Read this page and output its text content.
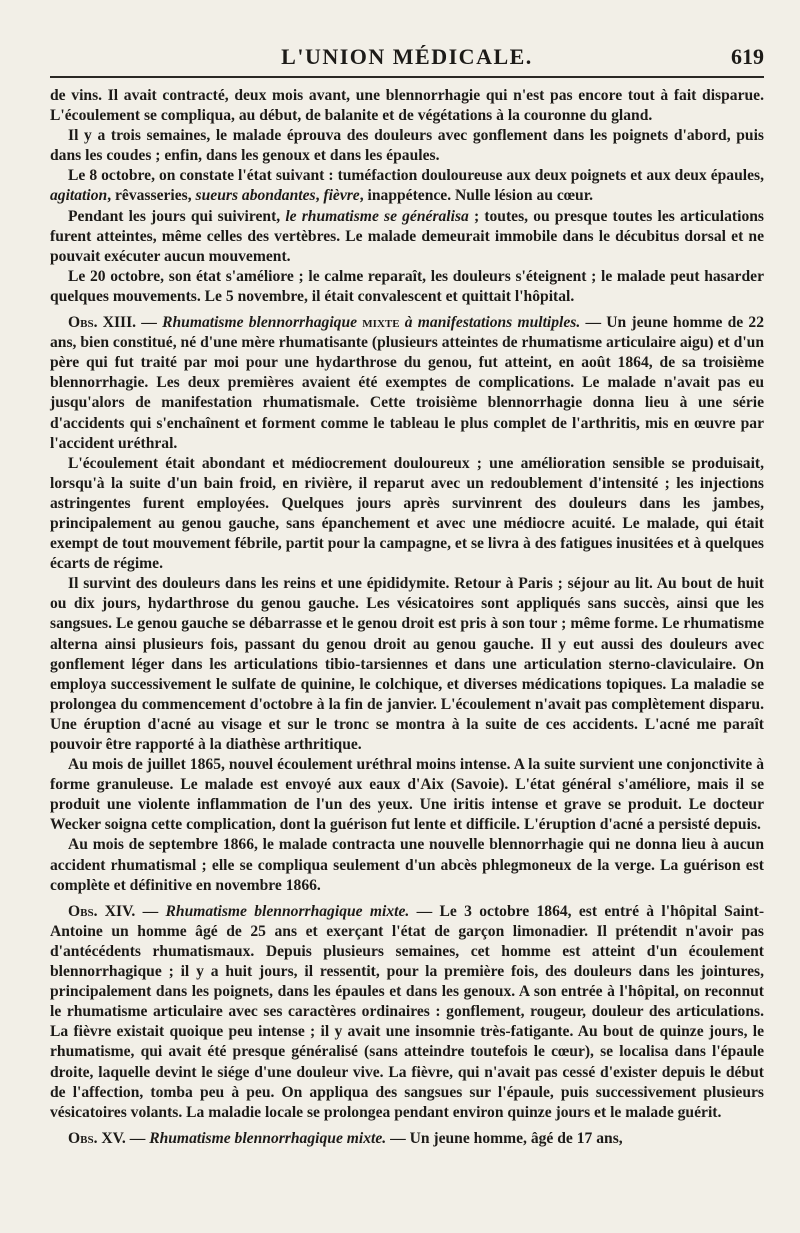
L'UNION MÉDICALE.	619

de vins. Il avait contracté, deux mois avant, une blennorrhagie qui n'est pas encore tout à fait disparue. L'écoulement se compliqua, au début, de balanite et de végétations à la couronne du gland.

Il y a trois semaines, le malade éprouva des douleurs avec gonflement dans les poignets d'abord, puis dans les coudes ; enfin, dans les genoux et dans les épaules.

Le 8 octobre, on constate l'état suivant : tuméfaction douloureuse aux deux poignets et aux deux épaules, agitation, rêvasseries, sueurs abondantes, fièvre, inappétence. Nulle lésion au cœur.

Pendant les jours qui suivirent, le rhumatisme se généralisa ; toutes, ou presque toutes les articulations furent atteintes, même celles des vertèbres. Le malade demeurait immobile dans le décubitus dorsal et ne pouvait exécuter aucun mouvement.

Le 20 octobre, son état s'améliore ; le calme reparaît, les douleurs s'éteignent ; le malade peut hasarder quelques mouvements. Le 5 novembre, il était convalescent et quittait l'hôpital.

Obs. XIII. — Rhumatisme blennorrhagique mixte à manifestations multiples. — Un jeune homme de 22 ans, bien constitué, né d'une mère rhumatisante (plusieurs atteintes de rhumatisme articulaire aigu) et d'un père qui fut traité par moi pour une hydarthrose du genou, fut atteint, en août 1864, de sa troisième blennorrhagie. Les deux premières avaient été exemptes de complications. Le malade n'avait pas eu jusqu'alors de manifestation rhumatismale. Cette troisième blennorrhagie donna lieu à une série d'accidents qui s'enchaînent et forment comme le tableau le plus complet de l'arthritis, mis en œuvre par l'accident uréthral.

L'écoulement était abondant et médiocrement douloureux ; une amélioration sensible se produisait, lorsqu'à la suite d'un bain froid, en rivière, il reparut avec un redoublement d'intensité ; les injections astringentes furent employées. Quelques jours après survinrent des douleurs dans les jambes, principalement au genou gauche, sans épanchement et avec une médiocre acuité. Le malade, qui était exempt de tout mouvement fébrile, partit pour la campagne, et se livra à des fatigues inusitées et à quelques écarts de régime.

Il survint des douleurs dans les reins et une épididymite. Retour à Paris ; séjour au lit. Au bout de huit ou dix jours, hydarthrose du genou gauche. Les vésicatoires sont appliqués sans succès, ainsi que les sangsues. Le genou gauche se débarrasse et le genou droit est pris à son tour ; même forme. Le rhumatisme alterna ainsi plusieurs fois, passant du genou droit au genou gauche. Il y eut aussi des douleurs avec gonflement léger dans les articulations tibio-tarsiennes et dans une articulation sterno-claviculaire. On employa successivement le sulfate de quinine, le colchique, et diverses médications topiques. La maladie se prolongea du commencement d'octobre à la fin de janvier. L'écoulement n'avait pas complètement disparu. Une éruption d'acné au visage et sur le tronc se montra à la suite de ces accidents. L'acné me paraît pouvoir être rapporté à la diathèse arthritique.

Au mois de juillet 1865, nouvel écoulement uréthral moins intense. A la suite survient une conjonctivite à forme granuleuse. Le malade est envoyé aux eaux d'Aix (Savoie). L'état général s'améliore, mais il se produit une violente inflammation de l'un des yeux. Une iritis intense et grave se produit. Le docteur Wecker soigna cette complication, dont la guérison fut lente et difficile. L'éruption d'acné a persisté depuis.

Au mois de septembre 1866, le malade contracta une nouvelle blennorrhagie qui ne donna lieu à aucun accident rhumatismal ; elle se compliqua seulement d'un abcès phlegmoneux de la verge. La guérison est complète et définitive en novembre 1866.

Obs. XIV. — Rhumatisme blennorrhagique mixte. — Le 3 octobre 1864, est entré à l'hôpital Saint-Antoine un homme âgé de 25 ans et exerçant l'état de garçon limonadier. Il prétendit n'avoir pas d'antécédents rhumatismaux. Depuis plusieurs semaines, cet homme est atteint d'un écoulement blennorrhagique ; il y a huit jours, il ressentit, pour la première fois, des douleurs dans les jointures, principalement dans les poignets, dans les épaules et dans les genoux. A son entrée à l'hôpital, on reconnut le rhumatisme articulaire avec ses caractères ordinaires : gonflement, rougeur, douleur des articulations. La fièvre existait quoique peu intense ; il y avait une insomnie très-fatigante. Au bout de quinze jours, le rhumatisme, qui avait été presque généralisé (sans atteindre toutefois le cœur), se localisa dans l'épaule droite, laquelle devint le siége d'une douleur vive. La fièvre, qui n'avait pas cessé d'exister depuis le début de l'affection, tomba peu à peu. On appliqua des sangsues sur l'épaule, puis successivement plusieurs vésicatoires volants. La maladie locale se prolongea pendant environ quinze jours et le malade guérit.

Obs. XV. — Rhumatisme blennorrhagique mixte. — Un jeune homme, âgé de 17 ans,
